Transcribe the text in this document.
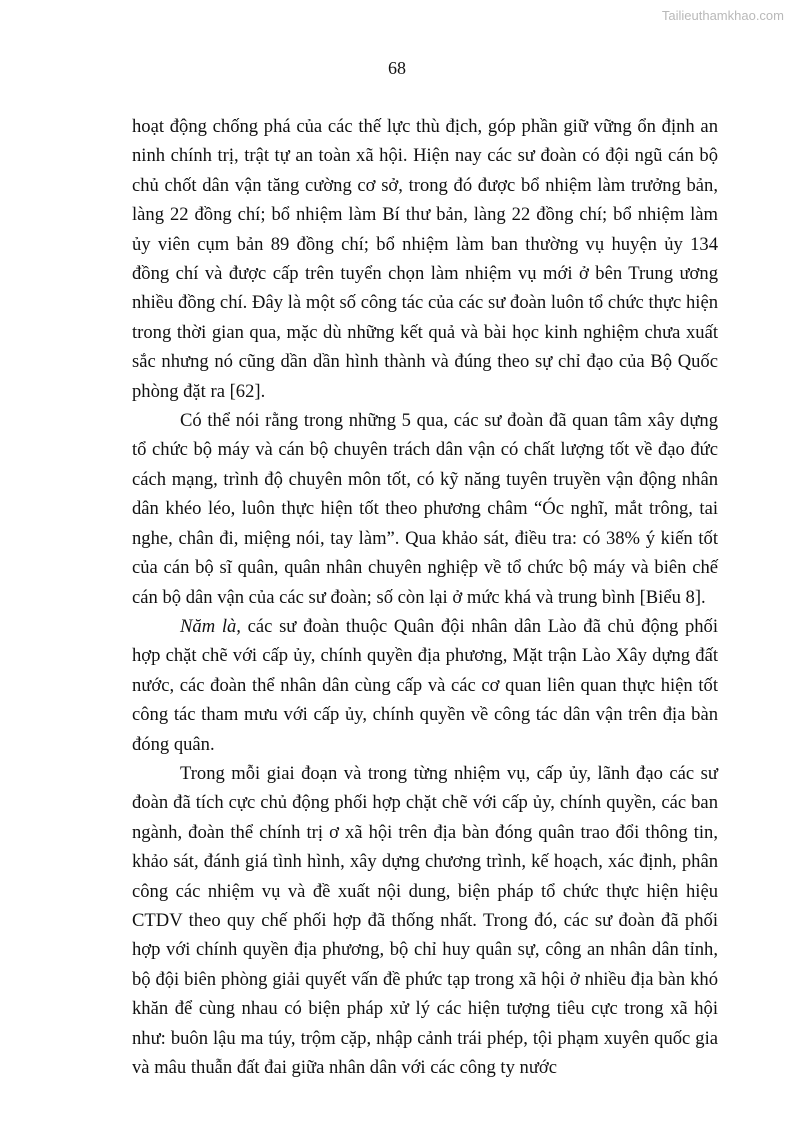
Tailieuthamkhao.com
68

hoạt động chống phá của các thế lực thù địch, góp phần giữ vững ổn định an ninh chính trị, trật tự an toàn xã hội. Hiện nay các sư đoàn có đội ngũ cán bộ chủ chốt dân vận tăng cường cơ sở, trong đó được bổ nhiệm làm trưởng bản, làng 22 đồng chí; bổ nhiệm làm Bí thư bản, làng 22 đồng chí; bổ nhiệm làm ủy viên cụm bản 89 đồng chí; bổ nhiệm làm ban thường vụ huyện ủy 134 đồng chí và được cấp trên tuyển chọn làm nhiệm vụ mới ở bên Trung ương nhiều đồng chí. Đây là một số công tác của các sư đoàn luôn tổ chức thực hiện trong thời gian qua, mặc dù những kết quả và bài học kinh nghiệm chưa xuất sắc nhưng nó cũng dần dần hình thành và đúng theo sự chỉ đạo của Bộ Quốc phòng đặt ra [62].

Có thể nói rằng trong những 5 qua, các sư đoàn đã quan tâm xây dựng tổ chức bộ máy và cán bộ chuyên trách dân vận có chất lượng tốt về đạo đức cách mạng, trình độ chuyên môn tốt, có kỹ năng tuyên truyền vận động nhân dân khéo léo, luôn thực hiện tốt theo phương châm “Óc nghĩ, mắt trông, tai nghe, chân đi, miệng nói, tay làm”. Qua khảo sát, điều tra: có 38% ý kiến tốt của cán bộ sĩ quân, quân nhân chuyên nghiệp về tổ chức bộ máy và biên chế cán bộ dân vận của các sư đoàn; số còn lại ở mức khá và trung bình [Biểu 8].

Năm là, các sư đoàn thuộc Quân đội nhân dân Lào đã chủ động phối hợp chặt chẽ với cấp ủy, chính quyền địa phương, Mặt trận Lào Xây dựng đất nước, các đoàn thể nhân dân cùng cấp và các cơ quan liên quan thực hiện tốt công tác tham mưu với cấp ủy, chính quyền về công tác dân vận trên địa bàn đóng quân.

Trong mỗi giai đoạn và trong từng nhiệm vụ, cấp ủy, lãnh đạo các sư đoàn đã tích cực chủ động phối hợp chặt chẽ với cấp ủy, chính quyền, các ban ngành, đoàn thể chính trị ơ xã hội trên địa bàn đóng quân trao đổi thông tin, khảo sát, đánh giá tình hình, xây dựng chương trình, kế hoạch, xác định, phân công các nhiệm vụ và đề xuất nội dung, biện pháp tổ chức thực hiện hiệu CTDV theo quy chế phối hợp đã thống nhất. Trong đó, các sư đoàn đã phối hợp với chính quyền địa phương, bộ chỉ huy quân sự, công an nhân dân tỉnh, bộ đội biên phòng giải quyết vấn đề phức tạp trong xã hội ở nhiều địa bàn khó khăn để cùng nhau có biện pháp xử lý các hiện tượng tiêu cực trong xã hội như: buôn lậu ma túy, trộm cặp, nhập cảnh trái phép, tội phạm xuyên quốc gia và mâu thuẫn đất đai giữa nhân dân với các công ty nước
